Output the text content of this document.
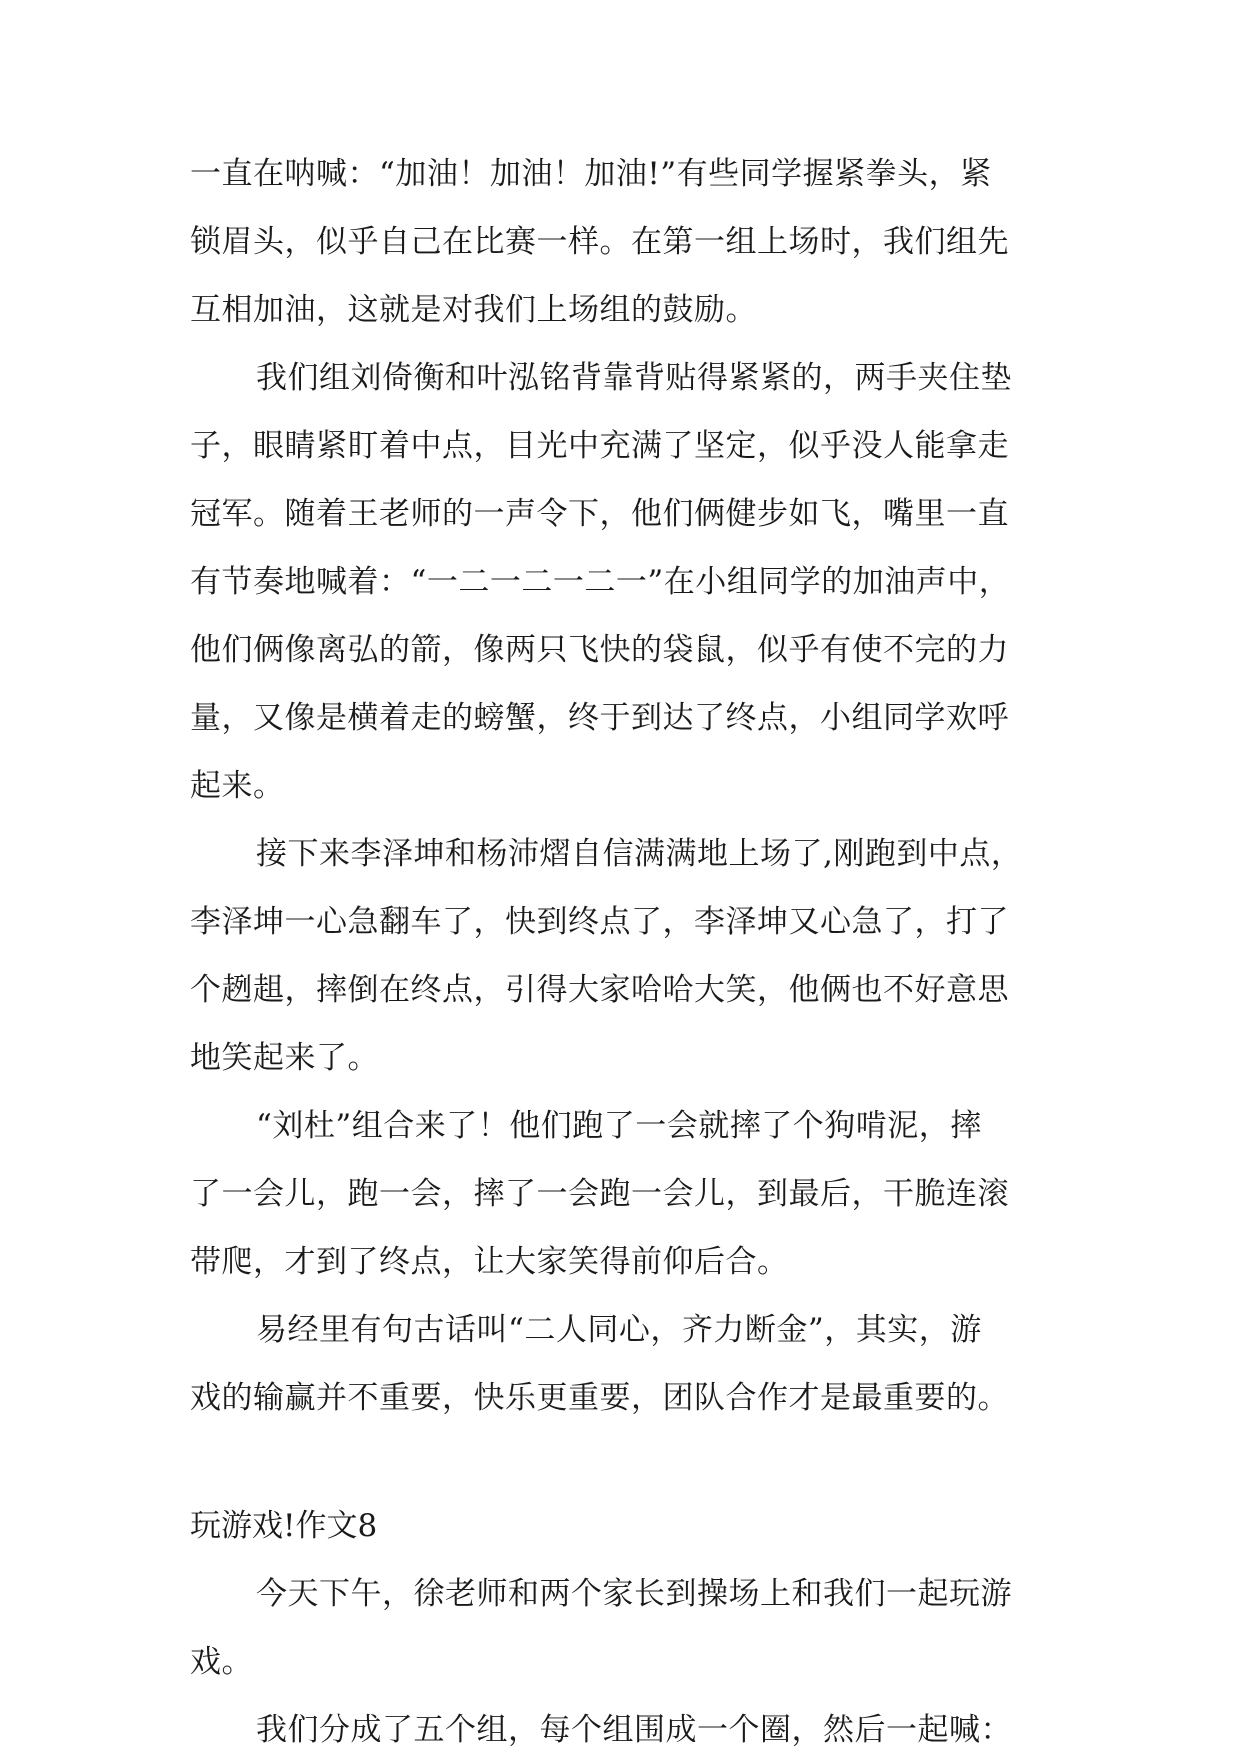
一直在呐喊：“加油！加油！加油!”有些同学握紧拳头，紧
锁眉头，似乎自己在比赛一样。在第一组上场时，我们组先
互相加油，这就是对我们上场组的鼓励。
我们组刘倚衡和叶泓铭背靠背贴得紧紧的，两手夹住垫
子，眼睛紧盯着中点，目光中充满了坚定，似乎没人能拿走
冠军。随着王老师的一声令下，他们俩健步如飞，嘴里一直
有节奏地喊着：“一二一二一二一”在小组同学的加油声中，
他们俩像离弘的箭，像两只飞快的袋鼠，似乎有使不完的力
量，又像是横着走的螃蟹，终于到达了终点，小组同学欢呼
起来。
接下来李泽坤和杨沛熠自信满满地上场了,刚跑到中点，
李泽坤一心急翻车了，快到终点了，李泽坤又心急了，打了
个趔趄，摔倒在终点，引得大家哈哈大笑，他俩也不好意思
地笑起来了。
“刘杜”组合来了！他们跑了一会就摔了个狗啃泥，摔
了一会儿，跑一会，摔了一会跑一会儿，到最后，干脆连滚
带爬，才到了终点，让大家笑得前仰后合。
易经里有句古话叫“二人同心，齐力断金”，其实，游
戏的输赢并不重要，快乐更重要，团队合作才是最重要的。
玩游戏!作文8
今天下午，徐老师和两个家长到操场上和我们一起玩游
戏。
我们分成了五个组，每个组围成一个圈，然后一起喊：
